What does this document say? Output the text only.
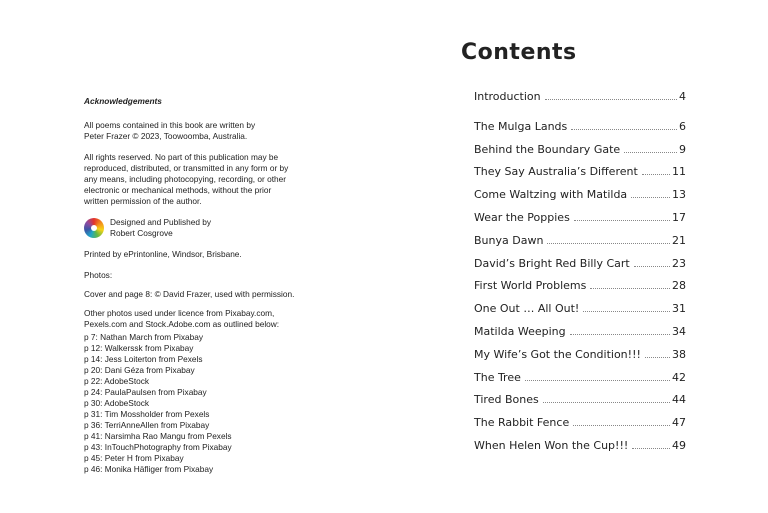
Acknowledgements

All poems contained in this book are written by

Peter Frazer © 2023, Toowoomba, Australia.

All rights reserved. No part of this publication may be

reproduced, distributed, or transmitted in any form or by

any means, including photocopying, recording, or other

electronic or mechanical methods, without the prior

written permission of the author.

Designed and Published by

Robert Cosgrove

Printed by ePrintonline, Windsor, Brisbane.

Photos:

Cover and page 8: © David Frazer, used with permission.

Other photos used under licence from Pixabay.com,

Pexels.com and Stock.Adobe.com as outlined below:

p 7: Nathan March from Pixabay
p 12: Walkerssk from Pixabay
p 14: Jess Loiterton from Pexels
p 20: Dani Géza from Pixabay
p 22: AdobeStock
p 24: PaulaPaulsen from Pixabay
p 30: AdobeStock
p 31: Tim Mossholder from Pexels
p 36: TerriAnneAllen from Pixabay
p 41: Narsimha Rao Mangu from Pexels
p 43: InTouchPhotography from Pixabay
p 45: Peter H from Pixabay
p 46: Monika Häfliger from Pixabay
Contents
Introduction	4
The Mulga Lands	6
Behind the Boundary Gate	9
They Say Australia’s Different	11
Come Waltzing with Matilda	13
Wear the Poppies	17
Bunya Dawn	21
David’s Bright Red Billy Cart	23
First World Problems	28
One Out … All Out!	31
Matilda Weeping	34
My Wife’s Got the Condition!!!	38
The Tree	42
Tired Bones	44
The Rabbit Fence	47
When Helen Won the Cup!!!	49
